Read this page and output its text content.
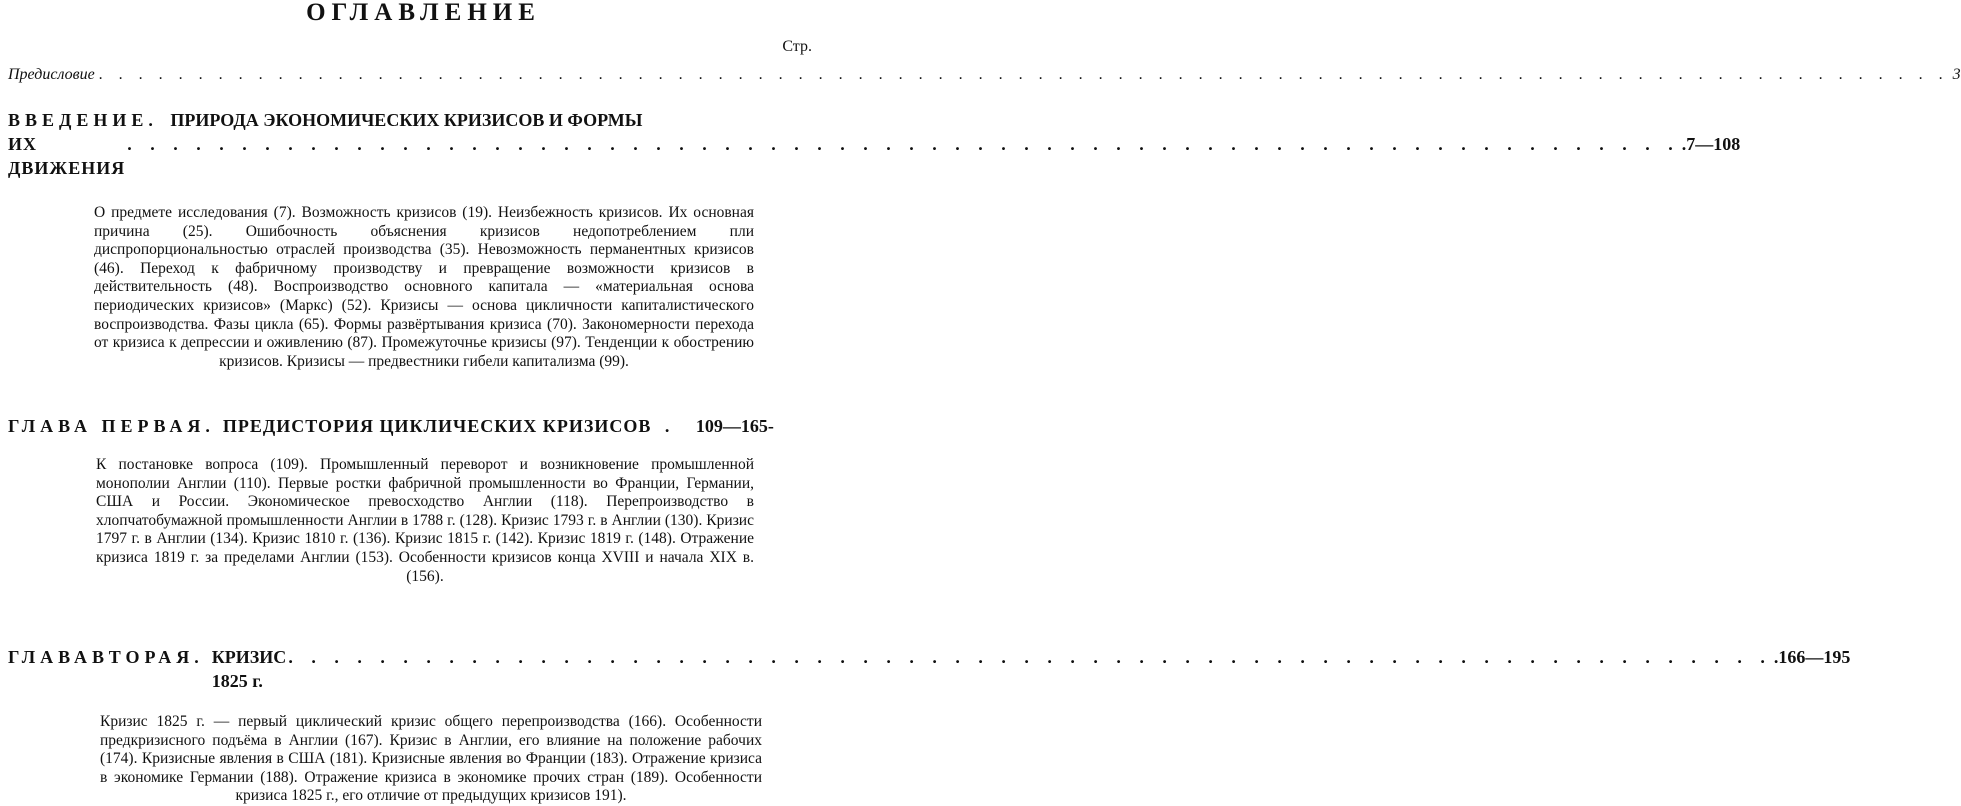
ОГЛАВЛЕНИЕ
Стр.
Предисловие . . . . . . . . . . . . . . . . . . . . . . . . . . . . . . . . . . . . . . . . . . . . . . . . . . . . . . . . . . . . . . . . . . . . . . . . . . . . . . . . . . . . . . . . . . . . . 3
ВВЕДЕНИЕ. ПРИРОДА ЭКОНОМИЧЕСКИХ КРИЗИСОВ И ФОРМЫ
ИХ ДВИЖЕНИЯ
. . . . . . . . . . . . . . . . . . . . . . . . . . . . . . . . . . . . . . . . . . . . . . . . . . . . . . . . . . . . . . . . . . . . .7—108
О предмете исследования (7). Возможность кризисов (19). Неизбежность кризисов. Их основная причина (25). Ошибочность объяснения кризисов недопотреблением пли диспропорциональностью отраслей производства (35). Невозможность перманентных кризисов (46). Переход к фабричному производству и превращение возможности кризисов в действительность (48). Воспроизводство основного капитала — «материальная основа периодических кризисов» (Маркс) (52). Кризисы — основа цикличности капиталистического воспроизводства. Фазы цикла (65). Формы развёртывания кризиса (70). Закономерности перехода от кризиса к депрессии и оживлению (87). Промежуточнье кризисы (97). Тенденции к обострению кризисов. Кризисы — предвестники гибели капитализма (99).
ГЛАВА ПЕРВАЯ. ПРЕДИСТОРИЯ ЦИКЛИЧЕСКИХ КРИЗИСОВ . 109—165-
К постановке вопроса (109). Промышленный переворот и возникновение промышленной монополии Англии (110). Первые ростки фабричной промышленности во Франции, Германии, США и России. Экономическое превосходство Англии (118). Перепроизводство в хлопчатобумажной промышленности Англии в 1788 г. (128). Кризис 1793 г. в Англии (130). Кризис 1797 г. в Англии (134). Кризис 1810 г. (136). Кризис 1815 г. (142). Кризис 1819 г. (148). Отражение кризиса 1819 г. за пределами Англии (153). Особенности кризисов конца XVIII и начала XIX в. (156).
ГЛАВАВТОРАЯ. КРИЗИС 1825 г.
. . . . . . . . . . . . . . . . . . . . . . . . . . . . . . . . . . . . . . . . . . . . . . . . . . . . . . . . . . . . . . . . . .166—195
Кризис 1825 г. — первый циклический кризис общего перепроизводства (166). Особенности предкризисного подъёма в Англии (167). Кризис в Англии, его влияние на положение рабочих (174). Кризисные явления в США (181). Кризисные явления во Франции (183). Отражение кризиса в экономике Германии (188). Отражение кризиса в экономике прочих стран (189). Особенности кризиса 1825 г., его отличие от предыдущих кризисов 191).
